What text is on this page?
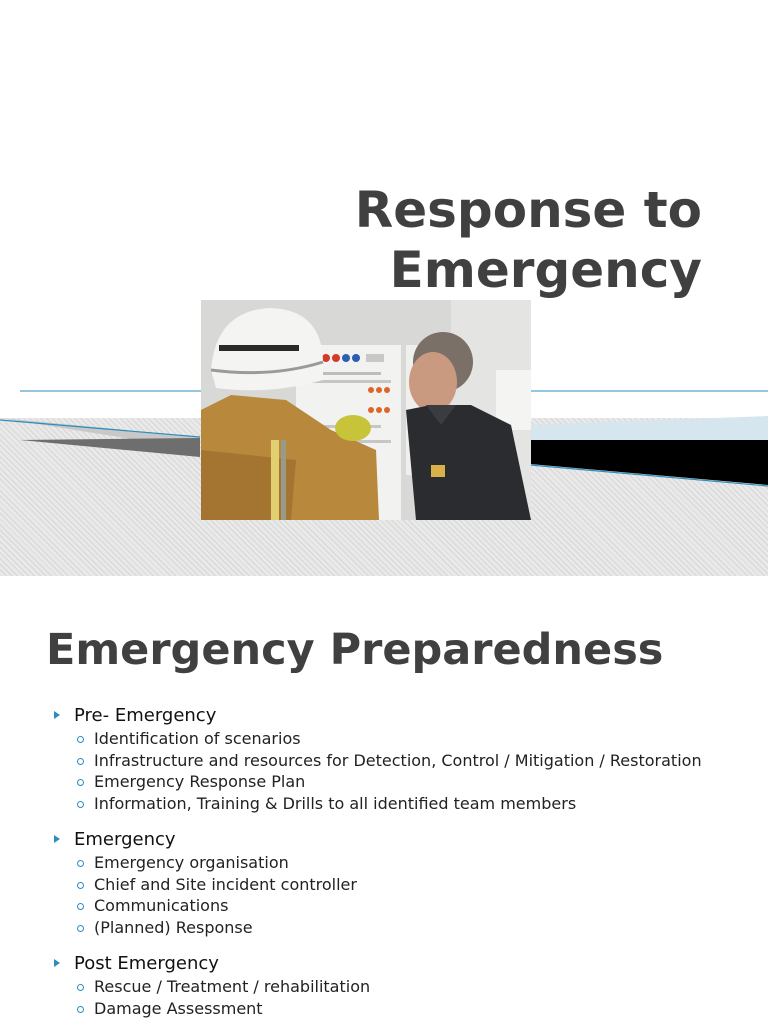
Response to
Emergency
Emergency Preparedness
Pre- Emergency
Identification of scenarios
Infrastructure and resources for Detection, Control / Mitigation / Restoration
Emergency Response Plan
Information, Training & Drills to all identified team members
Emergency
Emergency organisation
Chief and Site incident controller
Communications
(Planned) Response
Post Emergency
Rescue / Treatment / rehabilitation
Damage Assessment
